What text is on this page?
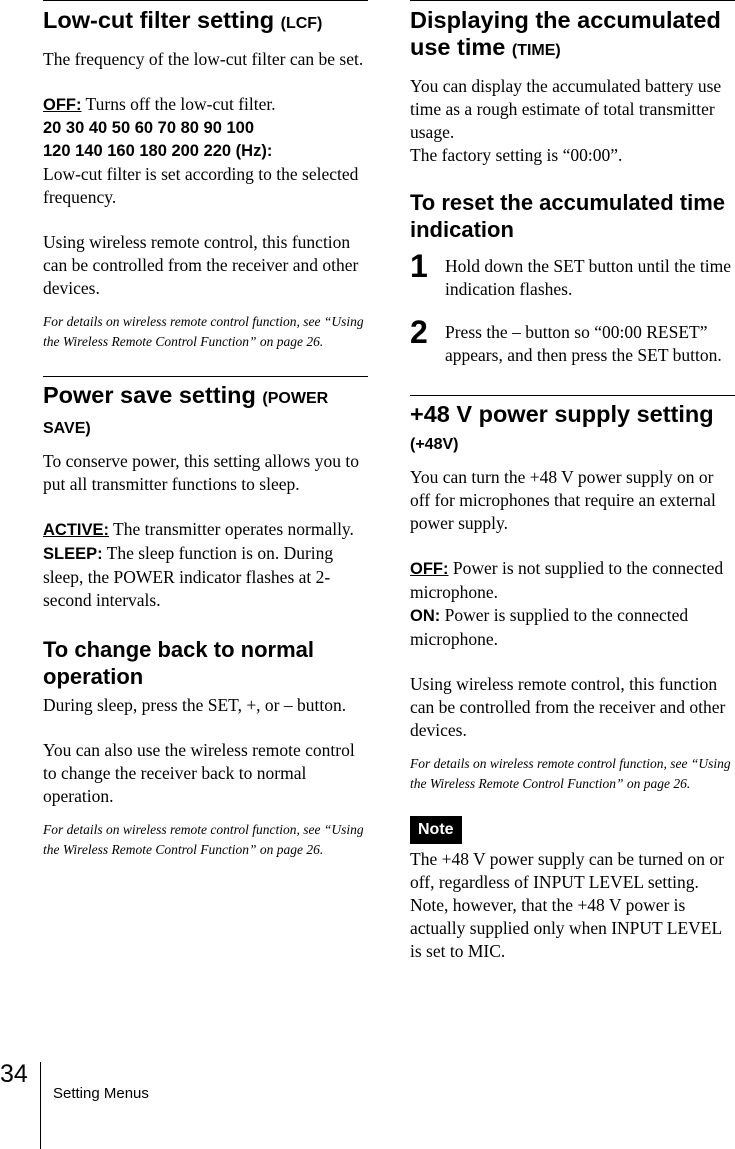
Low-cut filter setting (LCF)

The frequency of the low-cut filter can be set.

OFF: Turns off the low-cut filter.

20 30 40 50 60 70 80 90 100

120 140 160 180 200 220 (Hz):

Low-cut filter is set according to the selected frequency.

Using wireless remote control, this function can be controlled from the receiver and other devices.

For details on wireless remote control function, see “Using the Wireless Remote Control Function” on page 26.

Power save setting (POWER SAVE)

To conserve power, this setting allows you to put all transmitter functions to sleep.

ACTIVE: The transmitter operates normally.

SLEEP: The sleep function is on. During sleep, the POWER indicator flashes at 2-second intervals.

To change back to normal operation

During sleep, press the SET, +, or – button.

You can also use the wireless remote control to change the receiver back to normal operation.

For details on wireless remote control function, see “Using the Wireless Remote Control Function” on page 26.

Displaying the accumulated use time (TIME)

You can display the accumulated battery use time as a rough estimate of total transmitter usage.

The factory setting is “00:00”.

To reset the accumulated time indication
1 Hold down the SET button until the time indication flashes.

2 Press the – button so “00:00 RESET” appears, and then press the SET button.

+48 V power supply setting (+48V)

You can turn the +48 V power supply on or off for microphones that require an external power supply.

OFF: Power is not supplied to the connected microphone.

ON: Power is supplied to the connected microphone.

Using wireless remote control, this function can be controlled from the receiver and other devices.

For details on wireless remote control function, see “Using the Wireless Remote Control Function” on page 26.

Note

The +48 V power supply can be turned on or off, regardless of INPUT LEVEL setting. Note, however, that the +48 V power is actually supplied only when INPUT LEVEL is set to MIC.

34
Setting Menus
